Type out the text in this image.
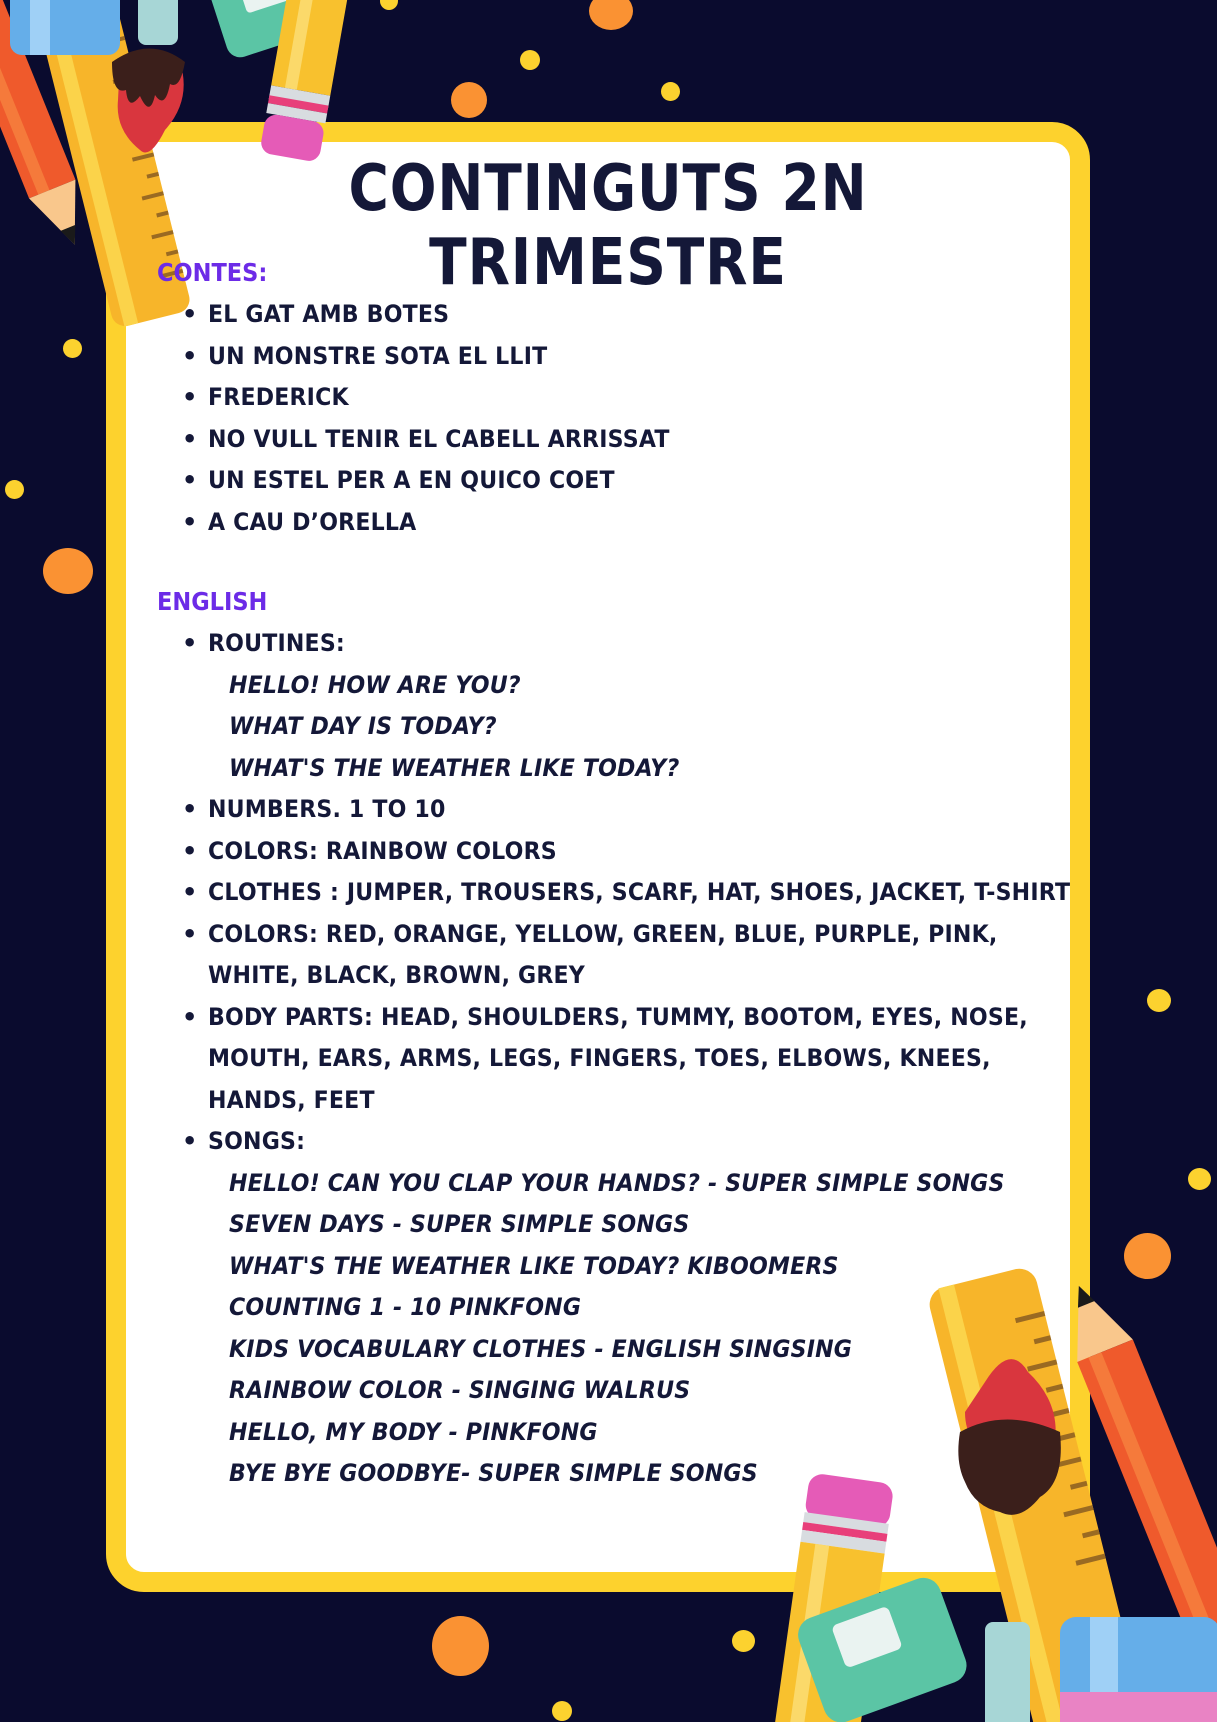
CONTINGUTS 2N TRIMESTRE
CONTES:
• EL GAT AMB BOTES
• UN MONSTRE SOTA EL LLIT
• FREDERICK
• NO VULL TENIR EL CABELL ARRISSAT
• UN ESTEL PER A EN QUICO COET
• A CAU D’ORELLA
ENGLISH
• ROUTINES:
HELLO! HOW ARE YOU?
WHAT DAY IS TODAY?
WHAT'S THE WEATHER LIKE TODAY?
• NUMBERS. 1 TO 10
• COLORS: RAINBOW COLORS
• CLOTHES : JUMPER, TROUSERS, SCARF, HAT, SHOES, JACKET, T-SHIRT
• COLORS: RED, ORANGE, YELLOW, GREEN, BLUE, PURPLE, PINK, WHITE, BLACK, BROWN, GREY
• BODY PARTS: HEAD, SHOULDERS, TUMMY, BOOTOM, EYES, NOSE, MOUTH, EARS, ARMS, LEGS, FINGERS, TOES, ELBOWS, KNEES, HANDS, FEET
• SONGS:
HELLO! CAN YOU CLAP YOUR HANDS? - SUPER SIMPLE SONGS
SEVEN DAYS - SUPER SIMPLE SONGS
WHAT'S THE WEATHER LIKE TODAY? KIBOOMERS
COUNTING 1 - 10 PINKFONG
KIDS VOCABULARY CLOTHES - ENGLISH SINGSING
RAINBOW COLOR - SINGING WALRUS
HELLO, MY BODY - PINKFONG
BYE BYE GOODBYE- SUPER SIMPLE SONGS
